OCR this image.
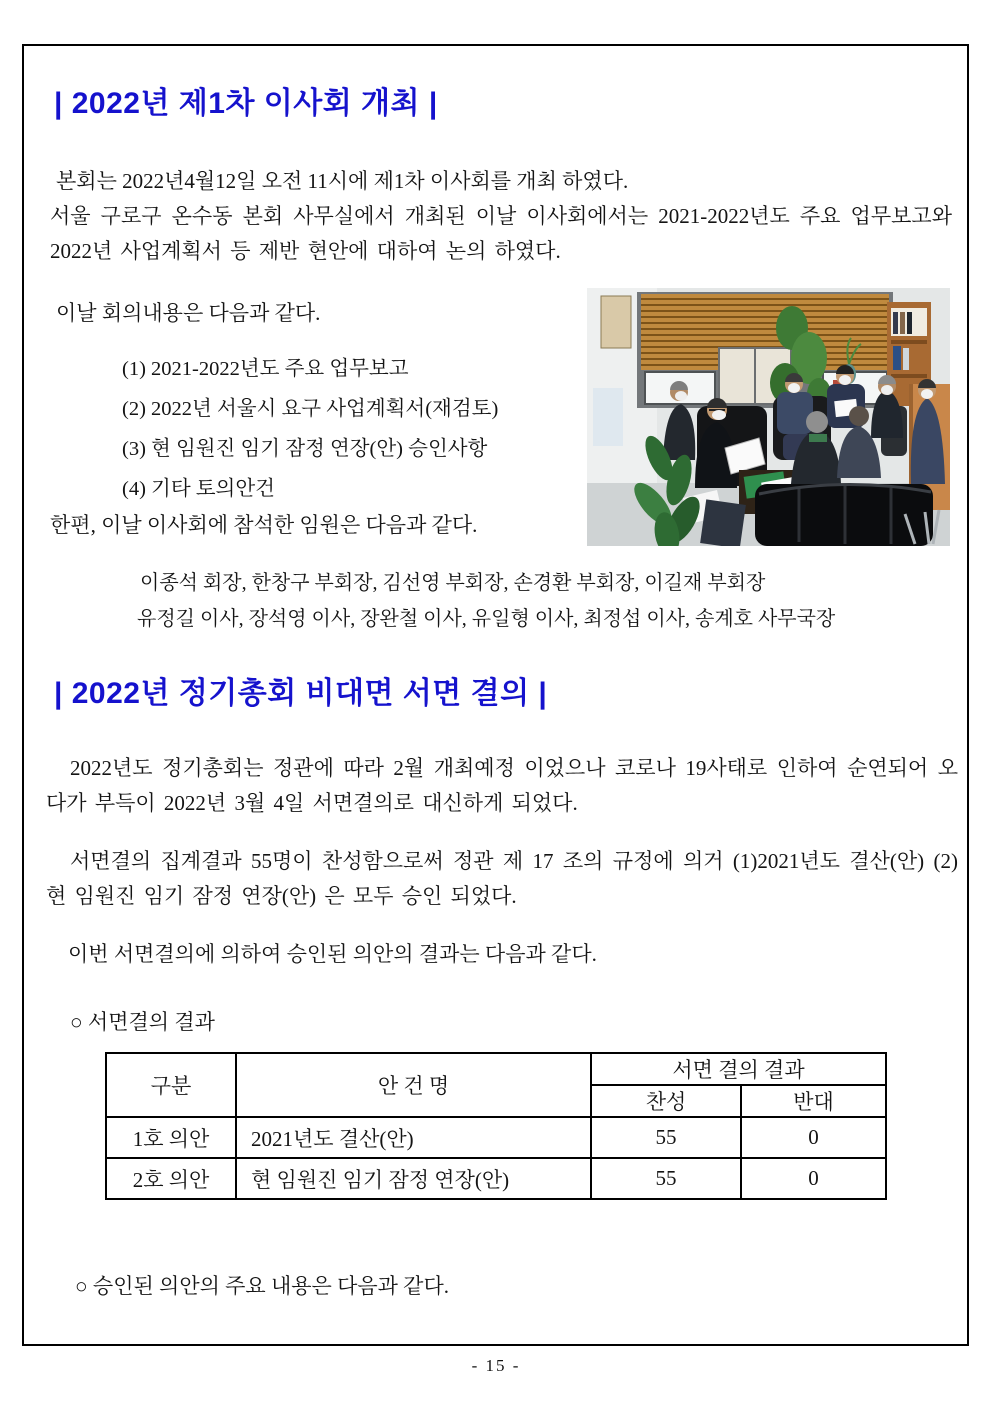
| 2022년 제1차 이사회 개최 |

본회는 2022년4월12일 오전 11시에 제1차 이사회를 개최 하였다.

서울 구로구 온수동 본회 사무실에서 개최된 이날 이사회에서는 2021-2022년도 주요 업무보고와 2022년 사업계획서 등 제반 현안에 대하여 논의 하였다.

이날 회의내용은 다음과 같다.

(1) 2021-2022년도 주요 업무보고
(2) 2022년 서울시 요구 사업계획서(재검토)
(3) 현 임원진 임기 잠정 연장(안) 승인사항
(4) 기타 토의안건

한편, 이날 이사회에 참석한 임원은 다음과 같다.

이종석 회장, 한창구 부회장, 김선영 부회장, 손경환 부회장, 이길재 부회장

유정길 이사, 장석영 이사, 장완철 이사, 유일형 이사, 최정섭 이사, 송계호 사무국장

| 2022년 정기총회 비대면 서면 결의 |

2022년도 정기총회는 정관에 따라 2월 개최예정 이었으나 코로나 19사태로 인하여 순연되어 오다가 부득이 2022년 3월 4일 서면결의로 대신하게 되었다.

서면결의 집계결과 55명이 찬성함으로써 정관 제 17 조의 규정에 의거 (1)2021년도 결산(안) (2)현 임원진 임기 잠정 연장(안) 은 모두 승인 되었다.

이번 서면결의에 의하여 승인된 의안의 결과는 다음과 같다.

○ 서면결의 결과

구분	안 건 명	서면 결의 결과	
		찬성	반대
1호 의안	2021년도 결산(안)	55	0
2호 의안	현 임원진 임기 잠정 연장(안)	55	0

○ 승인된 의안의 주요 내용은 다음과 같다.

- 15 -
